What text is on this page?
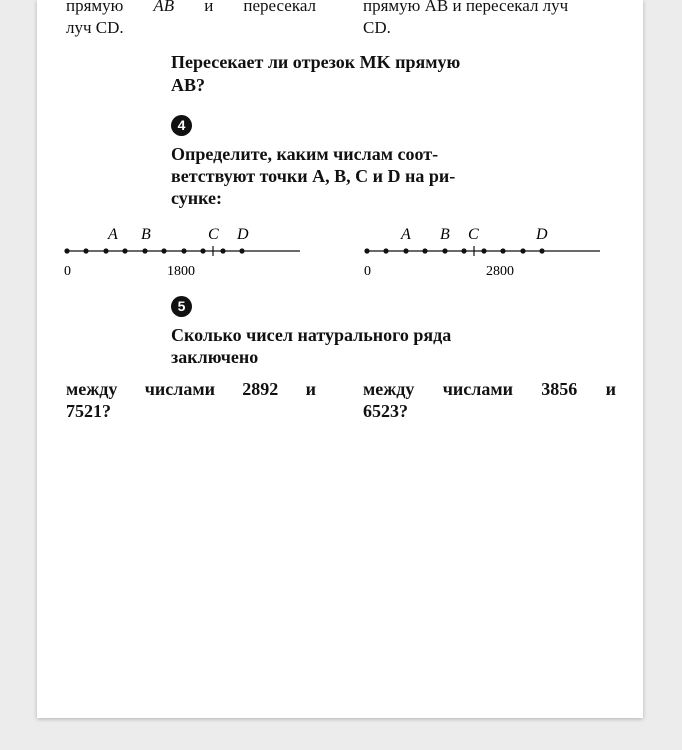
прямую AB и пересекал
луч CD.
прямую AB и пересекал луч
CD.
Пересекает ли отрезок MK прямую
AB?
4
Определите, каким числам соот-
ветствуют точки A, B, C и D на ри-
сунке:
A B	C D
0	1800
A B C	D
0	2800
5
Сколько чисел натурального ряда
заключено
между числами 2892 и
7521?
между числами 3856 и
6523?
